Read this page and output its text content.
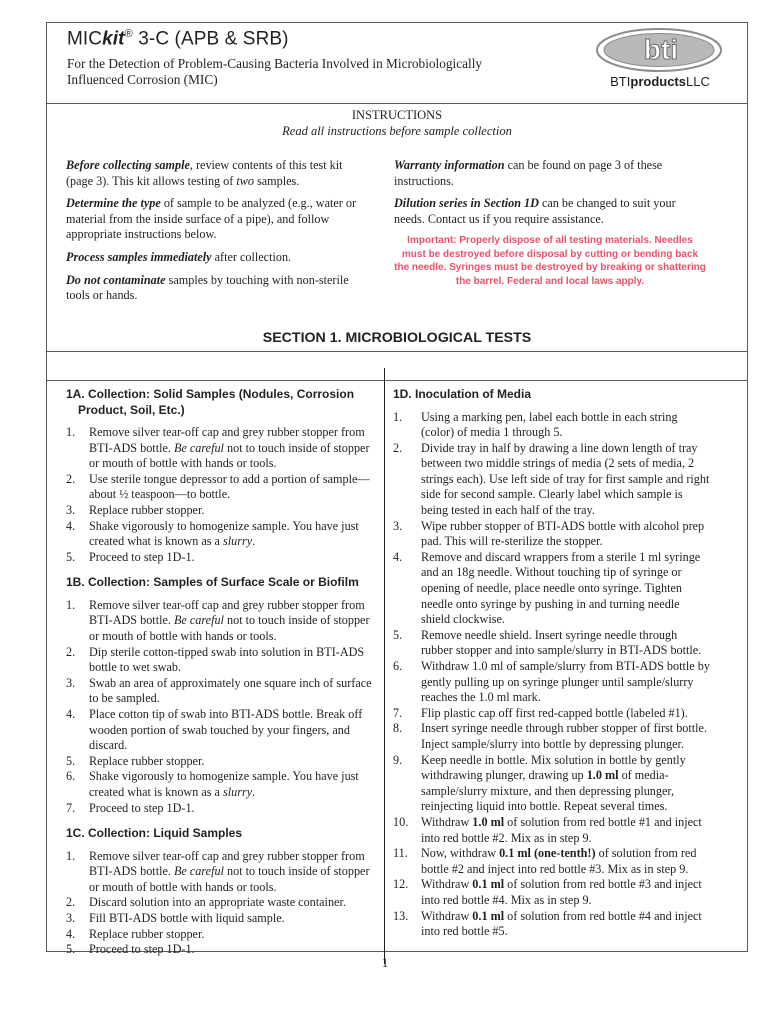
MICkit® 3-C (APB & SRB)
For the Detection of Problem-Causing Bacteria Involved in Microbiologically Influenced Corrosion (MIC)
bti
BTIproductsLLC
INSTRUCTIONS
Read all instructions before sample collection

Before collecting sample, review contents of this test kit (page 3). This kit allows testing of two samples.

Determine the type of sample to be analyzed (e.g., water or material from the inside surface of a pipe), and follow appropriate instructions below.

Process samples immediately after collection.

Do not contaminate samples by touching with non-sterile tools or hands.

Warranty information can be found on page 3 of these instructions.

Dilution series in Section 1D can be changed to suit your needs. Contact us if you require assistance.

Important: Properly dispose of all testing materials. Needles must be destroyed before disposal by cutting or bending back the needle. Syringes must be destroyed by breaking or shattering the barrel. Federal and local laws apply.
SECTION 1. MICROBIOLOGICAL TESTS
1A. Collection: Solid Samples (Nodules, Corrosion Product, Soil, Etc.)
1.	Remove silver tear-off cap and grey rubber stopper from BTI-ADS bottle. Be careful not to touch inside of stopper or mouth of bottle with hands or tools.
2.	Use sterile tongue depressor to add a portion of sample—about ½ teaspoon—to bottle.
3.	Replace rubber stopper.
4.	Shake vigorously to homogenize sample. You have just created what is known as a slurry.
5.	Proceed to step 1D-1.
1B. Collection: Samples of Surface Scale or Biofilm
1.	Remove silver tear-off cap and grey rubber stopper from BTI-ADS bottle. Be careful not to touch inside of stopper or mouth of bottle with hands or tools.
2.	Dip sterile cotton-tipped swab into solution in BTI-ADS bottle to wet swab.
3.	Swab an area of approximately one square inch of surface to be sampled.
4.	Place cotton tip of swab into BTI-ADS bottle. Break off wooden portion of swab touched by your fingers, and discard.
5.	Replace rubber stopper.
6.	Shake vigorously to homogenize sample. You have just created what is known as a slurry.
7.	Proceed to step 1D-1.
1C. Collection: Liquid Samples
1.	Remove silver tear-off cap and grey rubber stopper from BTI-ADS bottle. Be careful not to touch inside of stopper or mouth of bottle with hands or tools.
2.	Discard solution into an appropriate waste container.
3.	Fill BTI-ADS bottle with liquid sample.
4.	Replace rubber stopper.
5.	Proceed to step 1D-1.
1D. Inoculation of Media
1.	Using a marking pen, label each bottle in each string (color) of media 1 through 5.
2.	Divide tray in half by drawing a line down length of tray between two middle strings of media (2 sets of media, 2 strings each). Use left side of tray for first sample and right side for second sample. Clearly label which sample is being tested in each half of the tray.
3.	Wipe rubber stopper of BTI-ADS bottle with alcohol prep pad. This will re-sterilize the stopper.
4.	Remove and discard wrappers from a sterile 1 ml syringe and an 18g needle. Without touching tip of syringe or opening of needle, place needle onto syringe. Tighten needle onto syringe by pushing in and turning needle shield clockwise.
5.	Remove needle shield. Insert syringe needle through rubber stopper and into sample/slurry in BTI-ADS bottle.
6.	Withdraw 1.0 ml of sample/slurry from BTI-ADS bottle by gently pulling up on syringe plunger until sample/slurry reaches the 1.0 ml mark.
7.	Flip plastic cap off first red-capped bottle (labeled #1).
8.	Insert syringe needle through rubber stopper of first bottle. Inject sample/slurry into bottle by depressing plunger.
9.	Keep needle in bottle. Mix solution in bottle by gently withdrawing plunger, drawing up 1.0 ml of media-sample/slurry mixture, and then depressing plunger, reinjecting liquid into bottle. Repeat several times.
10.	Withdraw 1.0 ml of solution from red bottle #1 and inject into red bottle #2. Mix as in step 9.
11.	Now, withdraw 0.1 ml (one-tenth!) of solution from red bottle #2 and inject into red bottle #3. Mix as in step 9.
12.	Withdraw 0.1 ml of solution from red bottle #3 and inject into red bottle #4. Mix as in step 9.
13.	Withdraw 0.1 ml of solution from red bottle #4 and inject into red bottle #5.
1
